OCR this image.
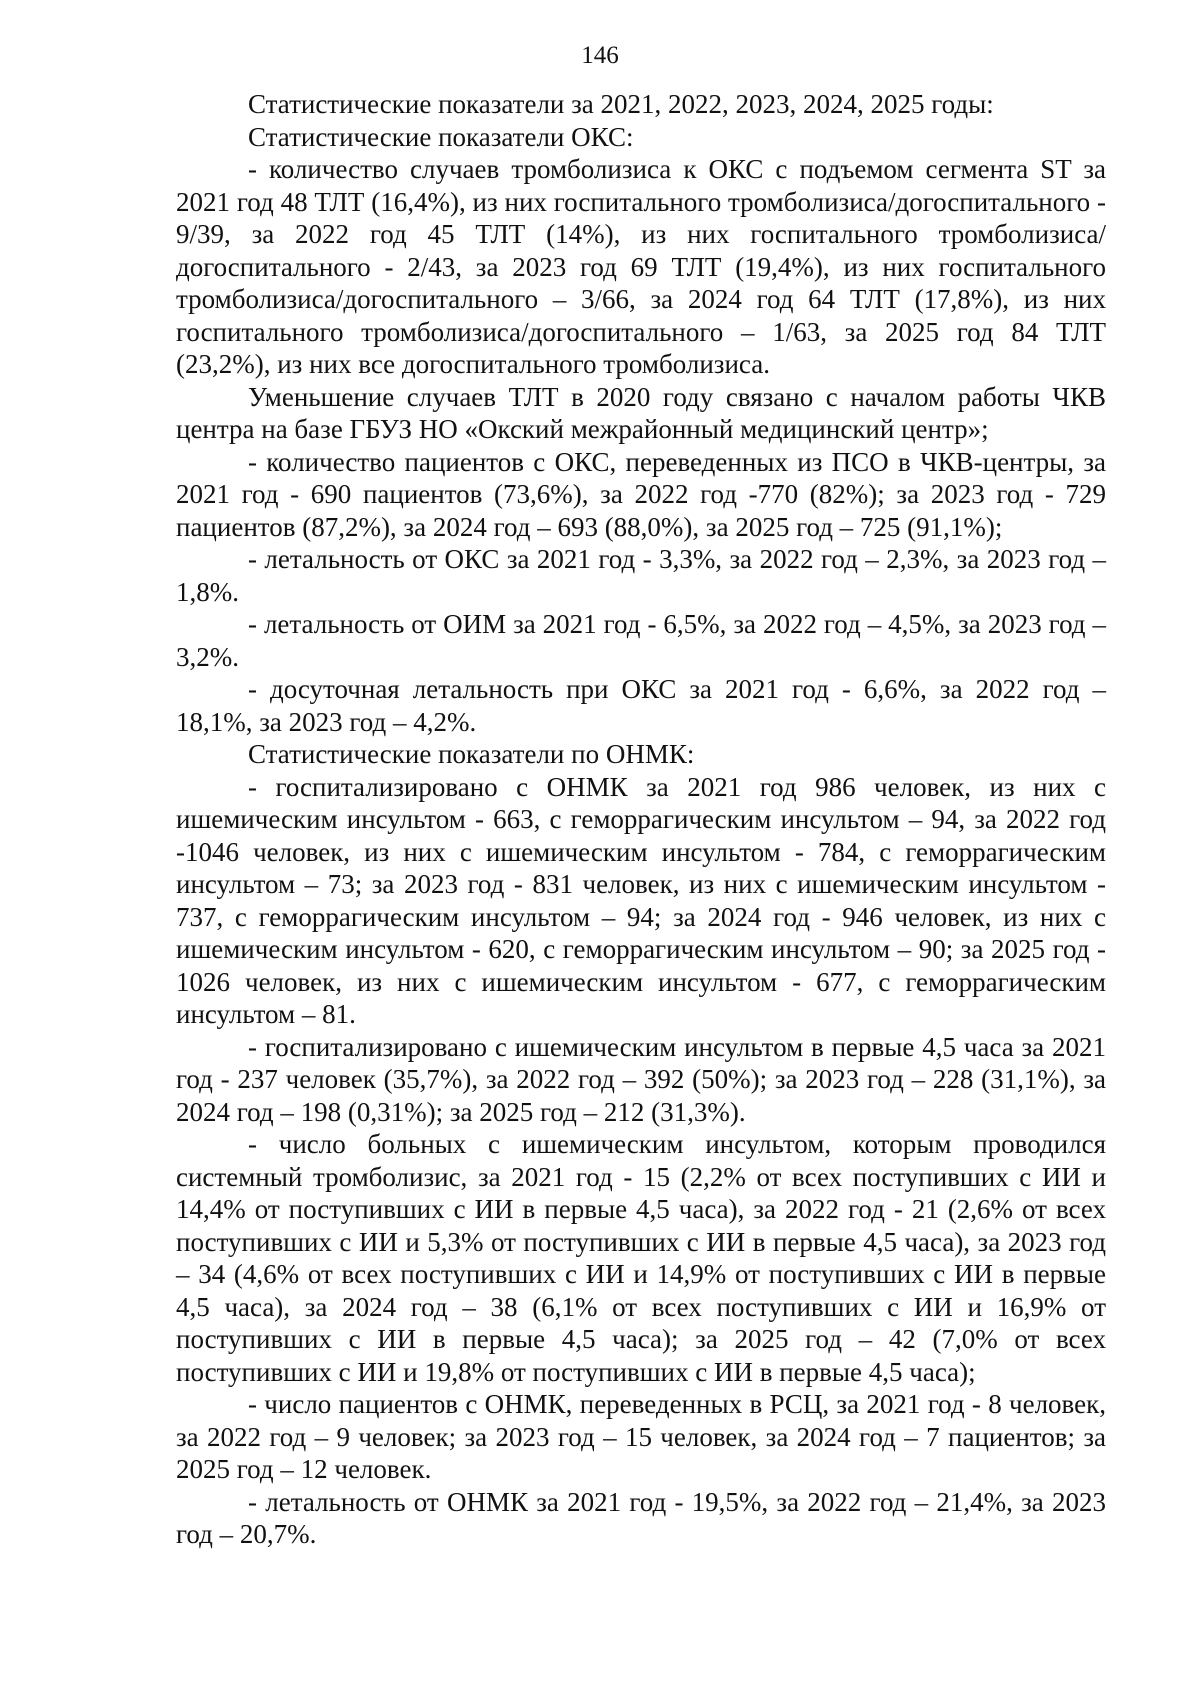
146

Статистические показатели за 2021, 2022, 2023, 2024, 2025 годы:

Статистические показатели ОКС:

- количество случаев тромболизиса к ОКС с подъемом сегмента ST за 2021 год 48 ТЛТ (16,4%), из них госпитального тромболизиса/догоспитального - 9/39, за 2022 год 45 ТЛТ (14%), из них госпитального тромболизиса/догоспитального - 2/43, за 2023 год 69 ТЛТ (19,4%), из них госпитального тромболизиса/догоспитального – 3/66, за 2024 год 64 ТЛТ (17,8%), из них госпитального тромболизиса/догоспитального – 1/63, за 2025 год 84 ТЛТ (23,2%), из них все догоспитального тромболизиса.

Уменьшение случаев ТЛТ в 2020 году связано с началом работы ЧКВ центра на базе ГБУЗ НО «Окский межрайонный медицинский центр»;

- количество пациентов с ОКС, переведенных из ПСО в ЧКВ-центры, за 2021 год - 690 пациентов (73,6%), за 2022 год -770 (82%); за 2023 год - 729 пациентов (87,2%), за 2024 год – 693 (88,0%), за 2025 год – 725 (91,1%);

- летальность от ОКС за 2021 год - 3,3%, за 2022 год – 2,3%, за 2023 год – 1,8%.

- летальность от ОИМ за 2021 год - 6,5%, за 2022 год – 4,5%, за 2023 год – 3,2%.

- досуточная летальность при ОКС за 2021 год - 6,6%, за 2022 год – 18,1%, за 2023 год – 4,2%.

Статистические показатели по ОНМК:

- госпитализировано с ОНМК за 2021 год 986 человек, из них с ишемическим инсультом - 663, с геморрагическим инсультом – 94, за 2022 год -1046 человек, из них с ишемическим инсультом - 784, с геморрагическим инсультом – 73; за 2023 год - 831 человек, из них с ишемическим инсультом - 737, с геморрагическим инсультом – 94; за 2024 год - 946 человек, из них с ишемическим инсультом - 620, с геморрагическим инсультом – 90; за 2025 год - 1026 человек, из них с ишемическим инсультом - 677, с геморрагическим инсультом – 81.

- госпитализировано с ишемическим инсультом в первые 4,5 часа за 2021 год - 237 человек (35,7%), за 2022 год – 392 (50%); за 2023 год – 228 (31,1%), за 2024 год – 198 (0,31%); за 2025 год – 212 (31,3%).

- число больных с ишемическим инсультом, которым проводился системный тромболизис, за 2021 год - 15 (2,2% от всех поступивших с ИИ и 14,4% от поступивших с ИИ в первые 4,5 часа), за 2022 год - 21 (2,6% от всех поступивших с ИИ и 5,3% от поступивших с ИИ в первые 4,5 часа), за 2023 год – 34 (4,6% от всех поступивших с ИИ и 14,9% от поступивших с ИИ в первые 4,5 часа), за 2024 год – 38 (6,1% от всех поступивших с ИИ и 16,9% от поступивших с ИИ в первые 4,5 часа); за 2025 год – 42 (7,0% от всех поступивших с ИИ и 19,8% от поступивших с ИИ в первые 4,5 часа);

- число пациентов с ОНМК, переведенных в РСЦ, за 2021 год - 8 человек, за 2022 год – 9 человек; за 2023 год – 15 человек, за 2024 год – 7 пациентов; за 2025 год – 12 человек.

- летальность от ОНМК за 2021 год - 19,5%, за 2022 год – 21,4%, за 2023 год – 20,7%.
